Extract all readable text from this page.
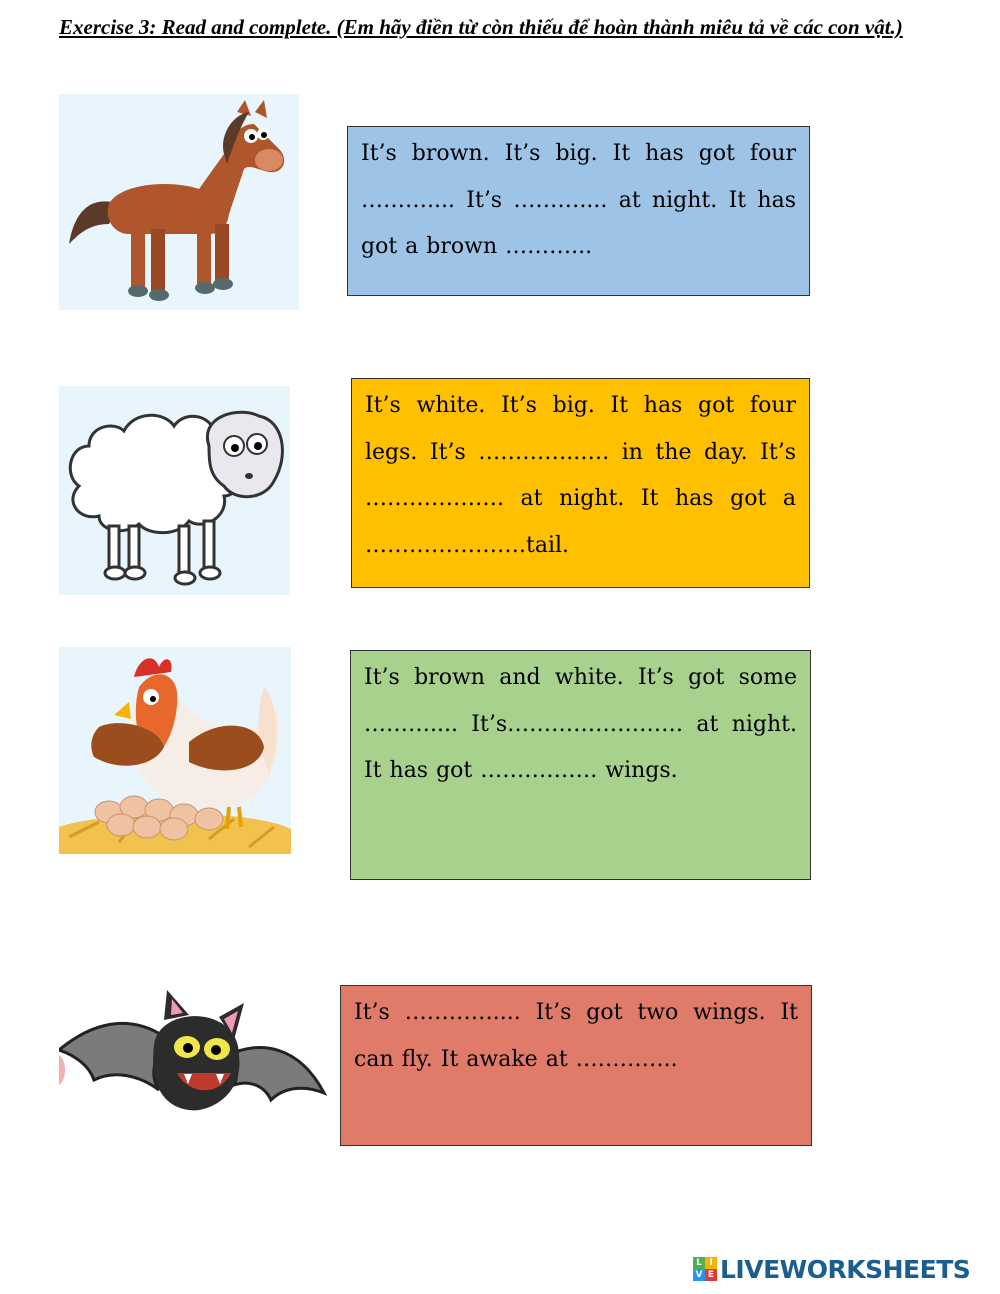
Exercise 3: Read and complete. (Em hãy điền từ còn thiếu để hoàn thành miêu tả về các con vật.)

It’s brown. It’s big. It has got four ……….... It’s ……….... at night. It has got a brown ………...

It’s white. It’s big. It has got four legs. It’s …………..…. in the day. It’s ………………. at night. It has got a ………………….tail.

It’s brown and white. It’s got some ……….... It’s…………………… at night. It has got ……………. wings.

It’s ………….... It’s got two wings. It can fly. It awake at …………..

L I
V E LIVEWORKSHEETS
